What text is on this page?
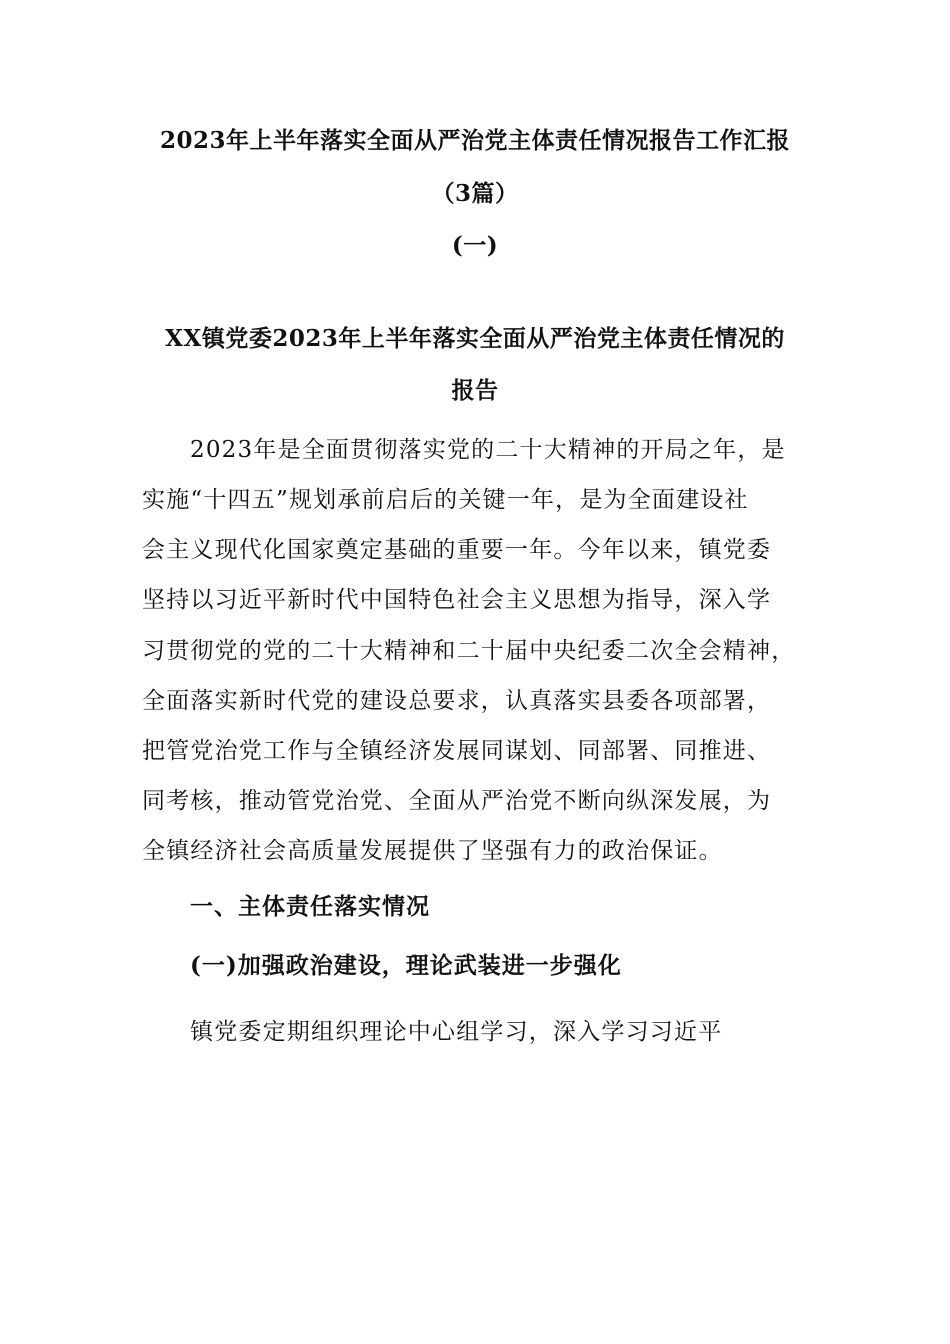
2023年上半年落实全面从严治党主体责任情况报告工作汇报
（3篇）
(一)
XX镇党委2023年上半年落实全面从严治党主体责任情况的
报告
2023年是全面贯彻落实党的二十大精神的开局之年，是
实施“十四五”规划承前启后的关键一年，是为全面建设社
会主义现代化国家奠定基础的重要一年。今年以来，镇党委
坚持以习近平新时代中国特色社会主义思想为指导，深入学
习贯彻党的党的二十大精神和二十届中央纪委二次全会精神，
全面落实新时代党的建设总要求，认真落实县委各项部署，
把管党治党工作与全镇经济发展同谋划、同部署、同推进、
同考核，推动管党治党、全面从严治党不断向纵深发展，为
全镇经济社会高质量发展提供了坚强有力的政治保证。
一、主体责任落实情况
(一)加强政治建设，理论武装进一步强化
镇党委定期组织理论中心组学习，深入学习习近平
